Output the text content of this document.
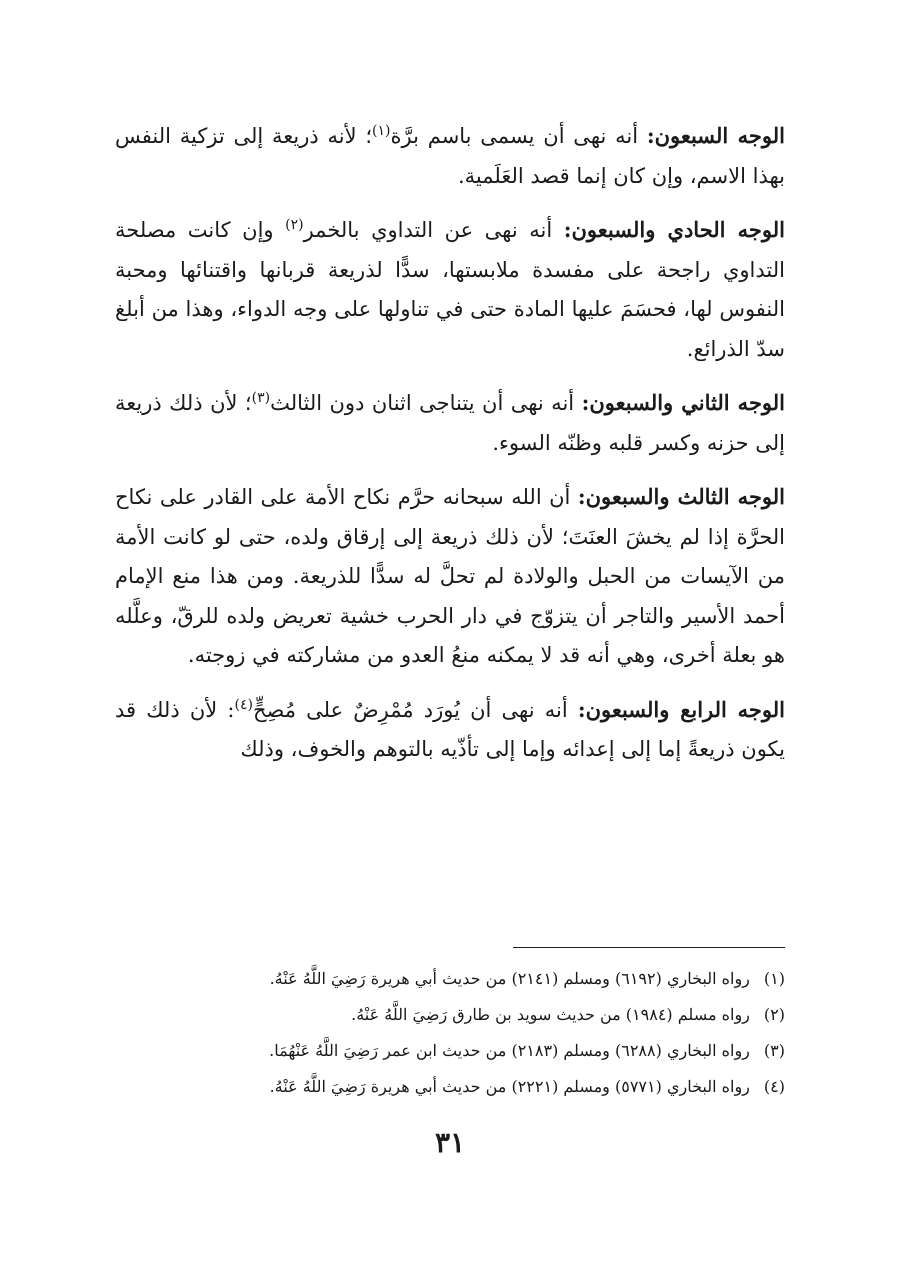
الوجه السبعون: أنه نهى أن يسمى باسم برَّة$^{(١)}$؛ لأنه ذريعة إلى تزكية النفس بهذا الاسم، وإن كان إنما قصد العَلَمية.

الوجه الحادي والسبعون: أنه نهى عن التداوي بالخمر$^{(٢)}$ وإن كانت مصلحة التداوي راجحة على مفسدة ملابستها، سدًّا لذريعة قربانها واقتنائها ومحبة النفوس لها، فحسَمَ عليها المادة حتى في تناولها على وجه الدواء، وهذا من أبلغ سدّ الذرائع.

الوجه الثاني والسبعون: أنه نهى أن يتناجى اثنان دون الثالث$^{(٣)}$؛ لأن ذلك ذريعة إلى حزنه وكسر قلبه وظنّه السوء.

الوجه الثالث والسبعون: أن الله سبحانه حرَّم نكاح الأمة على القادر على نكاح الحرَّة إذا لم يخشَ العنَتَ؛ لأن ذلك ذريعة إلى إرقاق ولده، حتى لو كانت الأمة من الآيسات من الحبل والولادة لم تحلَّ له سدًّا للذريعة. ومن هذا منع الإمام أحمد الأسير والتاجر أن يتزوّج في دار الحرب خشية تعريض ولده للرقّ، وعلَّله هو بعلة أخرى، وهي أنه قد لا يمكنه منعُ العدو من مشاركته في زوجته.

الوجه الرابع والسبعون: أنه نهى أن يُورَد مُمْرِضٌ على مُصِحٍّ$^{(٤)}$: لأن ذلك قد يكون ذريعةً إما إلى إعدائه وإما إلى تأذّيه بالتوهم والخوف، وذلك

(١) رواه البخاري (٦١٩٢) ومسلم (٢١٤١) من حديث أبي هريرة رَضِيَ اللَّهُ عَنْهُ.

(٢) رواه مسلم (١٩٨٤) من حديث سويد بن طارق رَضِيَ اللَّهُ عَنْهُ.

(٣) رواه البخاري (٦٢٨٨) ومسلم (٢١٨٣) من حديث ابن عمر رَضِيَ اللَّهُ عَنْهُمَا.

(٤) رواه البخاري (٥٧٧١) ومسلم (٢٢٢١) من حديث أبي هريرة رَضِيَ اللَّهُ عَنْهُ.

٣١
